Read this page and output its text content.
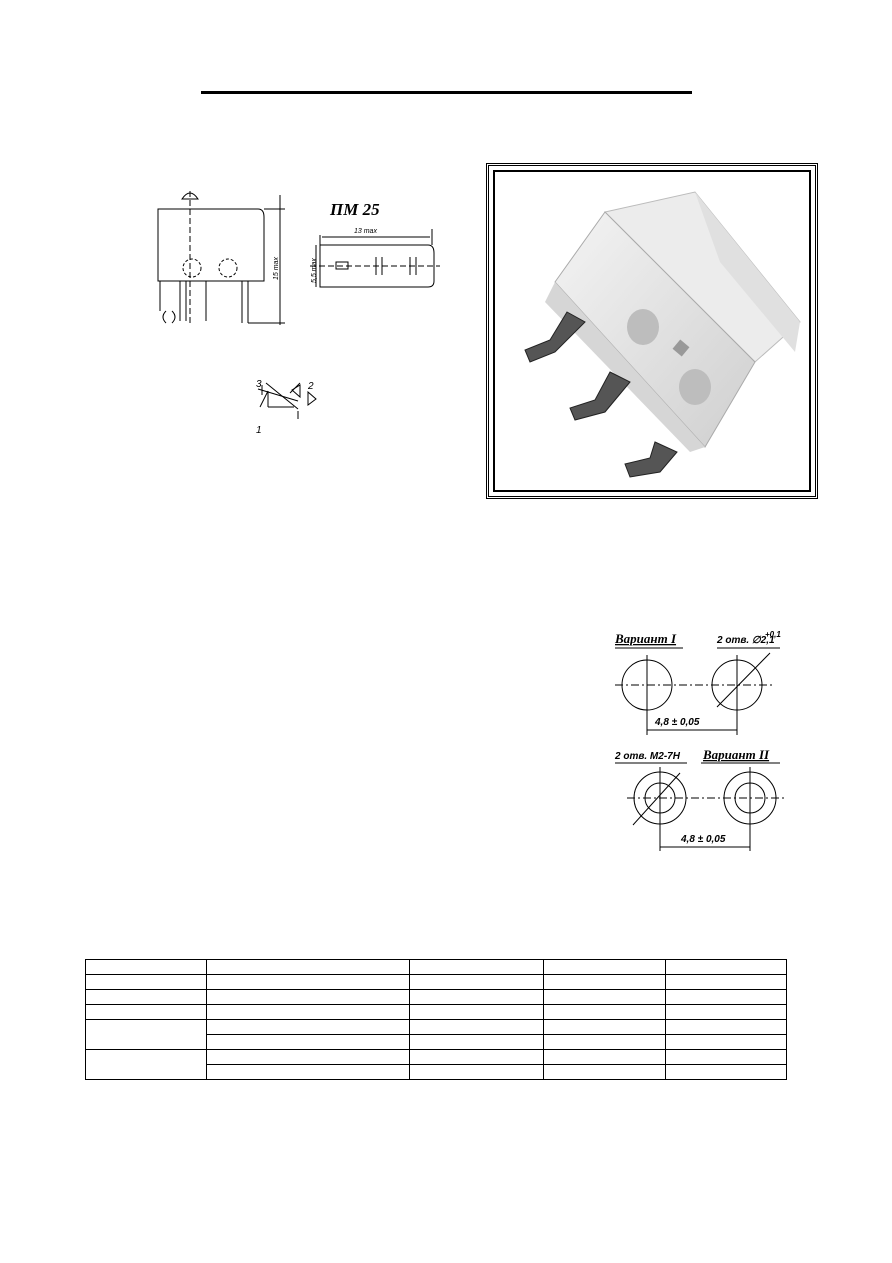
ПМ 25
13 max
15 max	5,5 max
3	2
1
Вариант I	2 отв. ∅2,1
+0,1
4,8 ± 0,05
2 отв. М2-7Н Вариант II
4,8 ± 0,05
